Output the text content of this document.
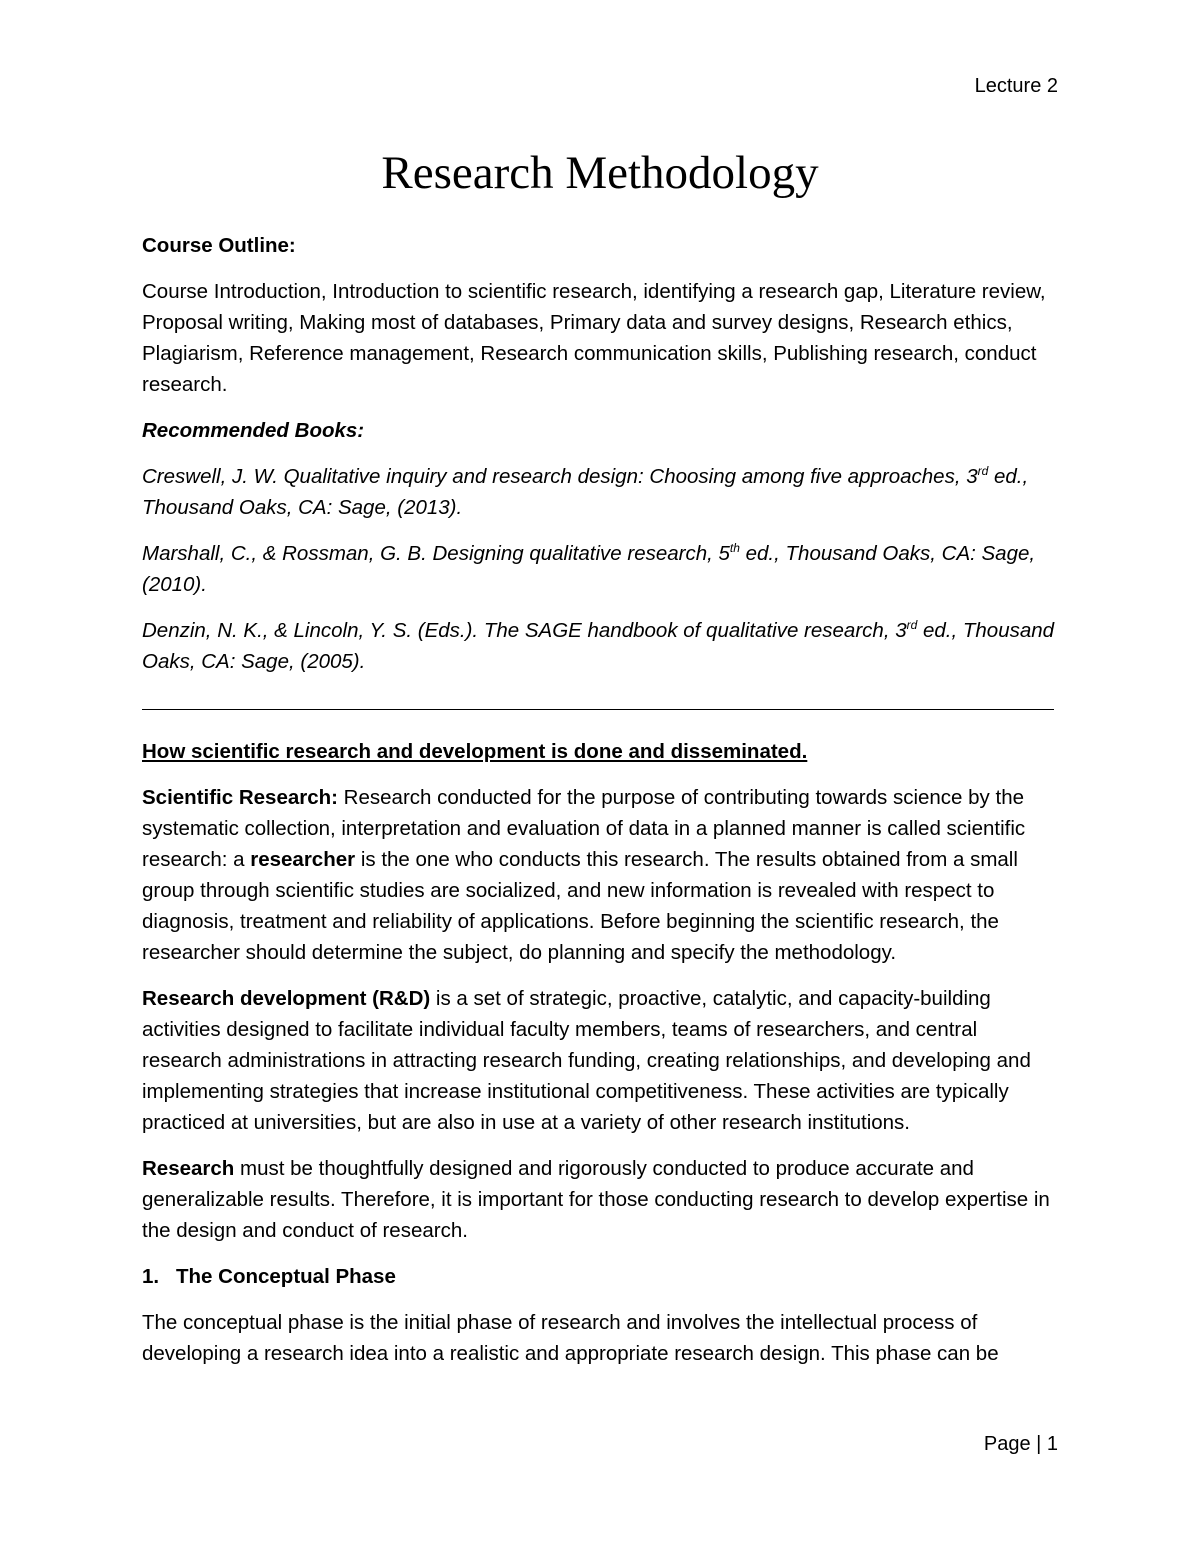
Lecture 2
Research Methodology

Course Outline:

Course Introduction, Introduction to scientific research, identifying a research gap, Literature review, Proposal writing, Making most of databases, Primary data and survey designs, Research ethics, Plagiarism, Reference management, Research communication skills, Publishing research, conduct research.

Recommended Books:

Creswell, J. W. Qualitative inquiry and research design: Choosing among five approaches, 3rd ed., Thousand Oaks, CA: Sage, (2013).

Marshall, C., & Rossman, G. B. Designing qualitative research, 5th ed., Thousand Oaks, CA: Sage, (2010).

Denzin, N. K., & Lincoln, Y. S. (Eds.). The SAGE handbook of qualitative research, 3rd ed., Thousand Oaks, CA: Sage, (2005).

How scientific research and development is done and disseminated.

Scientific Research: Research conducted for the purpose of contributing towards science by the systematic collection, interpretation and evaluation of data in a planned manner is called scientific research: a researcher is the one who conducts this research. The results obtained from a small group through scientific studies are socialized, and new information is revealed with respect to diagnosis, treatment and reliability of applications. Before beginning the scientific research, the researcher should determine the subject, do planning and specify the methodology.

Research development (R&D) is a set of strategic, proactive, catalytic, and capacity-building activities designed to facilitate individual faculty members, teams of researchers, and central research administrations in attracting research funding, creating relationships, and developing and implementing strategies that increase institutional competitiveness. These activities are typically practiced at universities, but are also in use at a variety of other research institutions.

Research must be thoughtfully designed and rigorously conducted to produce accurate and generalizable results. Therefore, it is important for those conducting research to develop expertise in the design and conduct of research.

1. The Conceptual Phase

The conceptual phase is the initial phase of research and involves the intellectual process of developing a research idea into a realistic and appropriate research design. This phase can be

Page | 1
